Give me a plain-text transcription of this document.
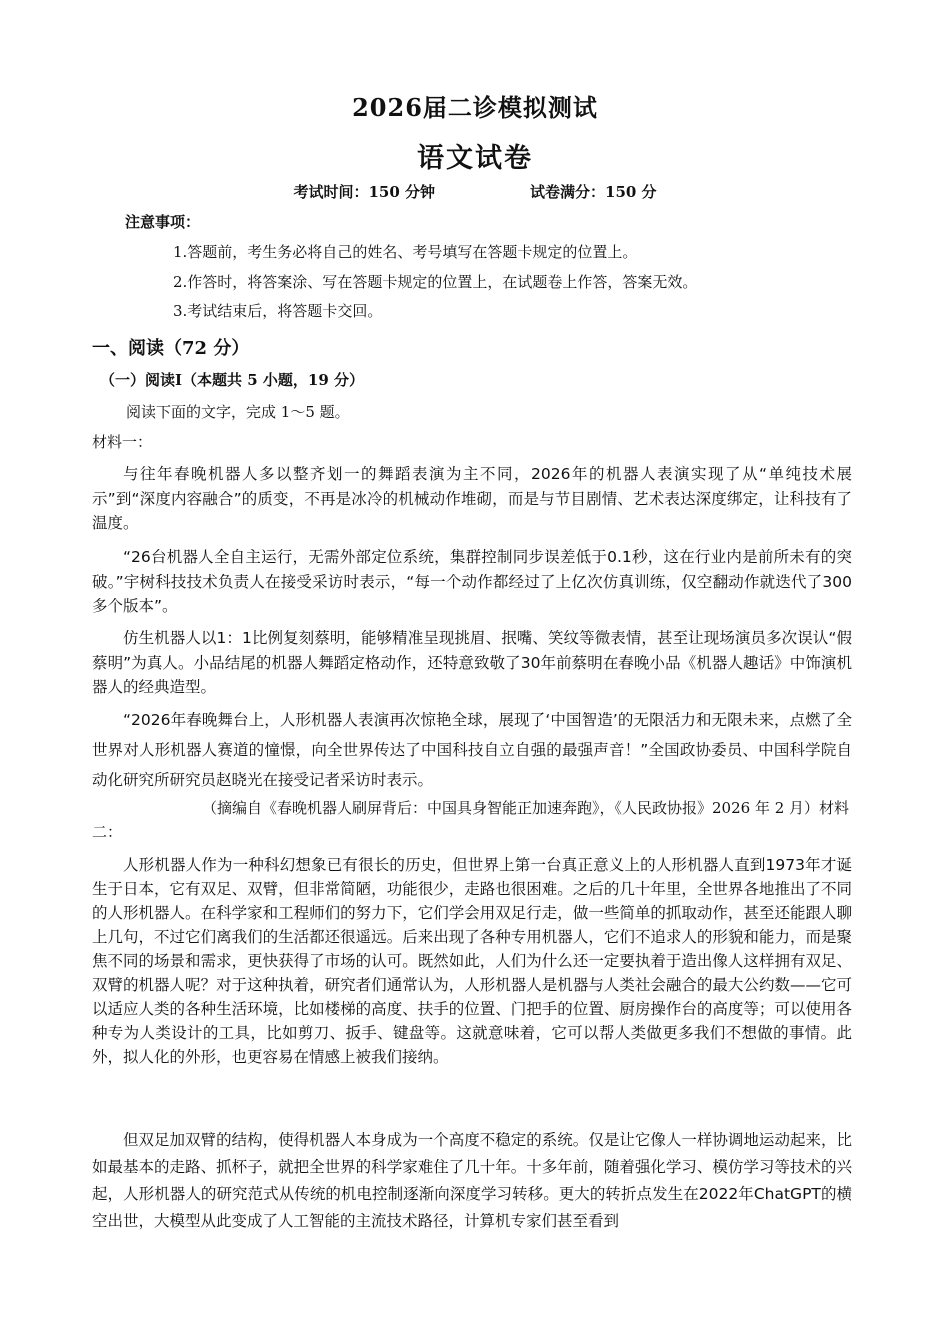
2026届二诊模拟测试
语文试卷
考试时间：150 分钟	试卷满分：150 分
注意事项：
1.答题前，考生务必将自己的姓名、考号填写在答题卡规定的位置上。
2.作答时，将答案涂、写在答题卡规定的位置上，在试题卷上作答，答案无效。
3.考试结束后，将答题卡交回。
一、阅读（72 分）
（一）阅读Ⅰ（本题共 5 小题，19 分）
阅读下面的文字，完成 1～5 题。
材料一：

与往年春晚机器人多以整齐划一的舞蹈表演为主不同，2026年的机器人表演实现了从“单纯技术展示”到“深度内容融合”的质变，不再是冰冷的机械动作堆砌，而是与节目剧情、艺术表达深度绑定，让科技有了温度。

“26台机器人全自主运行，无需外部定位系统，集群控制同步误差低于0.1秒，这在行业内是前所未有的突破。”宇树科技技术负责人在接受采访时表示，“每一个动作都经过了上亿次仿真训练，仅空翻动作就迭代了300多个版本”。

仿生机器人以1：1比例复刻蔡明，能够精准呈现挑眉、抿嘴、笑纹等微表情，甚至让现场演员多次误认“假蔡明”为真人。小品结尾的机器人舞蹈定格动作，还特意致敬了30年前蔡明在春晚小品《机器人趣话》中饰演机器人的经典造型。

“2026年春晚舞台上，人形机器人表演再次惊艳全球，展现了‘中国智造’的无限活力和无限未来，点燃了全世界对人形机器人赛道的憧憬，向全世界传达了中国科技自立自强的最强声音！”全国政协委员、中国科学院自动化研究所研究员赵晓光在接受记者采访时表示。

（摘编自《春晚机器人刷屏背后：中国具身智能正加速奔跑》，《人民政协报》2026 年 2 月）材料二：

人形机器人作为一种科幻想象已有很长的历史，但世界上第一台真正意义上的人形机器人直到1973年才诞生于日本，它有双足、双臂，但非常简陋，功能很少，走路也很困难。之后的几十年里，全世界各地推出了不同的人形机器人。在科学家和工程师们的努力下，它们学会用双足行走，做一些简单的抓取动作，甚至还能跟人聊上几句，不过它们离我们的生活都还很遥远。后来出现了各种专用机器人，它们不追求人的形貌和能力，而是聚焦不同的场景和需求，更快获得了市场的认可。既然如此，人们为什么还一定要执着于造出像人这样拥有双足、双臂的机器人呢？对于这种执着，研究者们通常认为，人形机器人是机器与人类社会融合的最大公约数——它可以适应人类的各种生活环境，比如楼梯的高度、扶手的位置、门把手的位置、厨房操作台的高度等；可以使用各种专为人类设计的工具，比如剪刀、扳手、键盘等。这就意味着，它可以帮人类做更多我们不想做的事情。此外，拟人化的外形，也更容易在情感上被我们接纳。

但双足加双臂的结构，使得机器人本身成为一个高度不稳定的系统。仅是让它像人一样协调地运动起来，比如最基本的走路、抓杯子，就把全世界的科学家难住了几十年。十多年前，随着强化学习、模仿学习等技术的兴起，人形机器人的研究范式从传统的机电控制逐渐向深度学习转移。更大的转折点发生在2022年ChatGPT的横空出世，大模型从此变成了人工智能的主流技术路径，计算机专家们甚至看到
